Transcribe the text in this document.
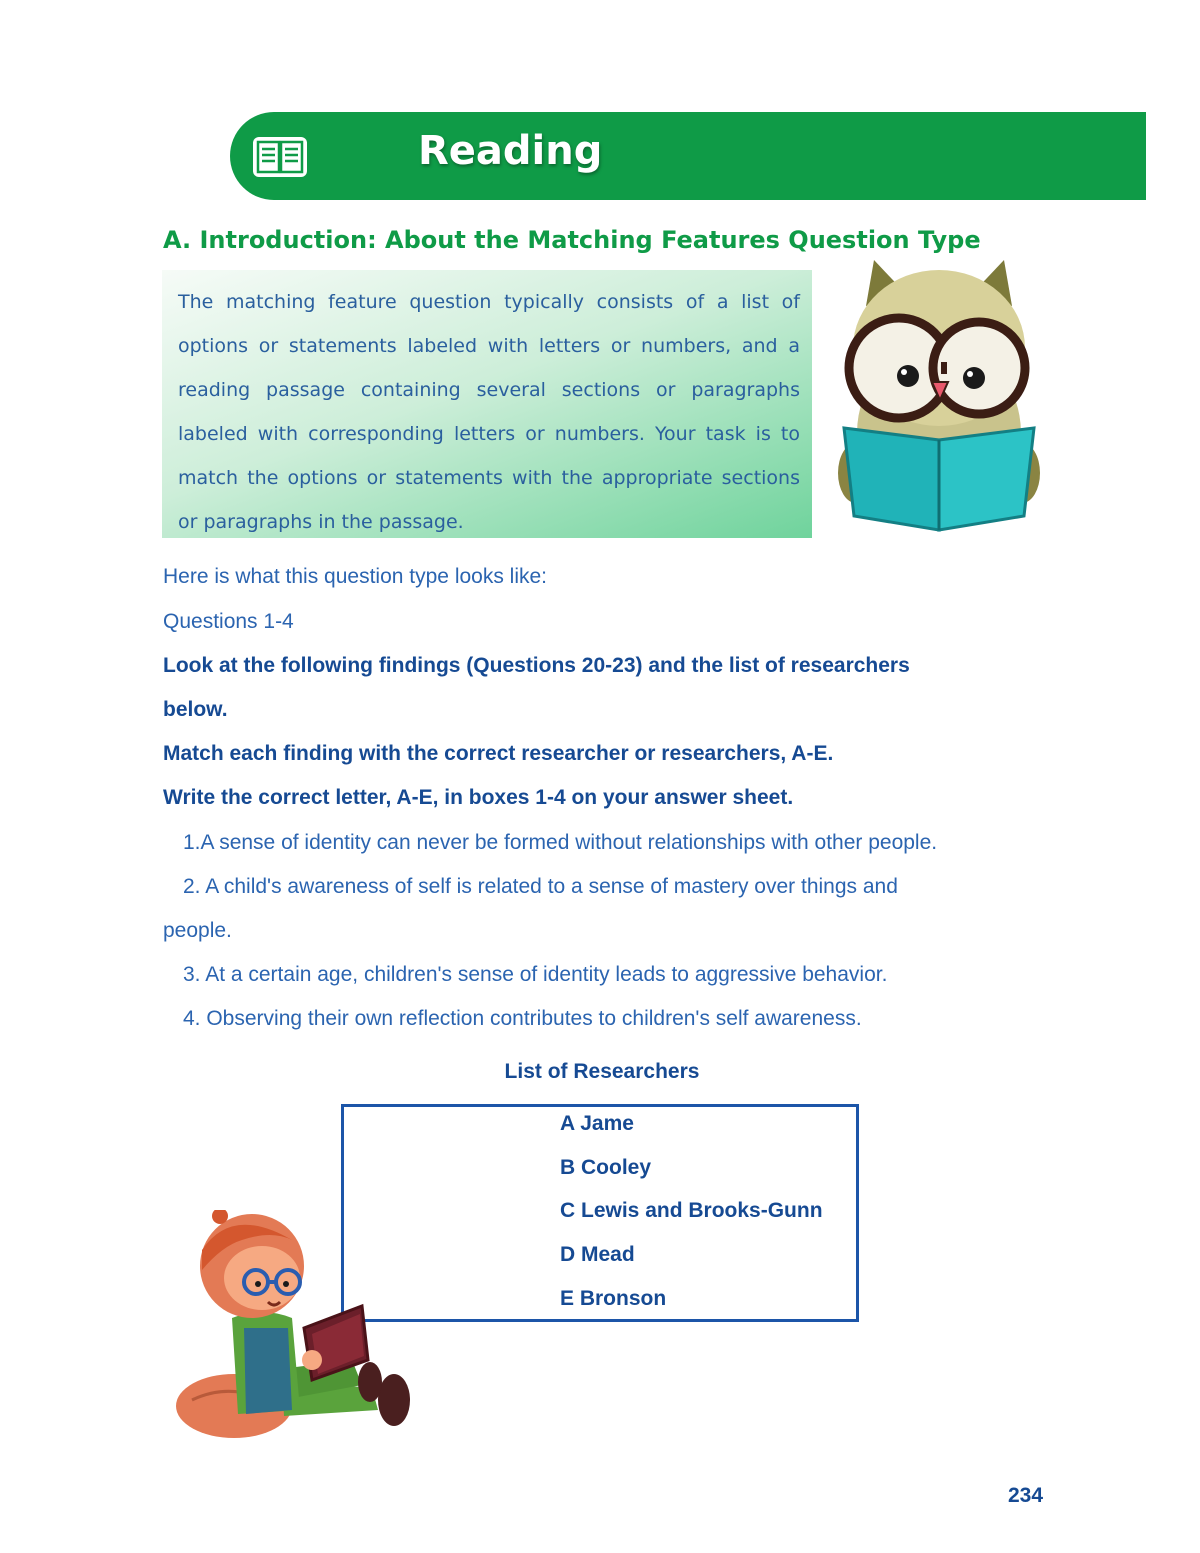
Reading
A. Introduction: About the Matching Features Question Type

The matching feature question typically consists of a list of options or statements labeled with letters or numbers, and a reading passage containing several sections or paragraphs labeled with corresponding letters or numbers. Your task is to match the options or statements with the appropriate sections or paragraphs in the passage.

Here is what this question type looks like:
Questions 1-4
Look at the following findings (Questions 20-23) and the list of researchers
below.
Match each finding with the correct researcher or researchers, A-E.
Write the correct letter, A-E, in boxes 1-4 on your answer sheet.
1.A sense of identity can never be formed without relationships with other people.
2. A child's awareness of self is related to a sense of mastery over things and
people.
3. At a certain age, children's sense of identity leads to aggressive behavior.
4. Observing their own reflection contributes to children's self awareness.
List of Researchers
A Jame
B Cooley
C Lewis and Brooks-Gunn
D Mead
E Bronson
234
